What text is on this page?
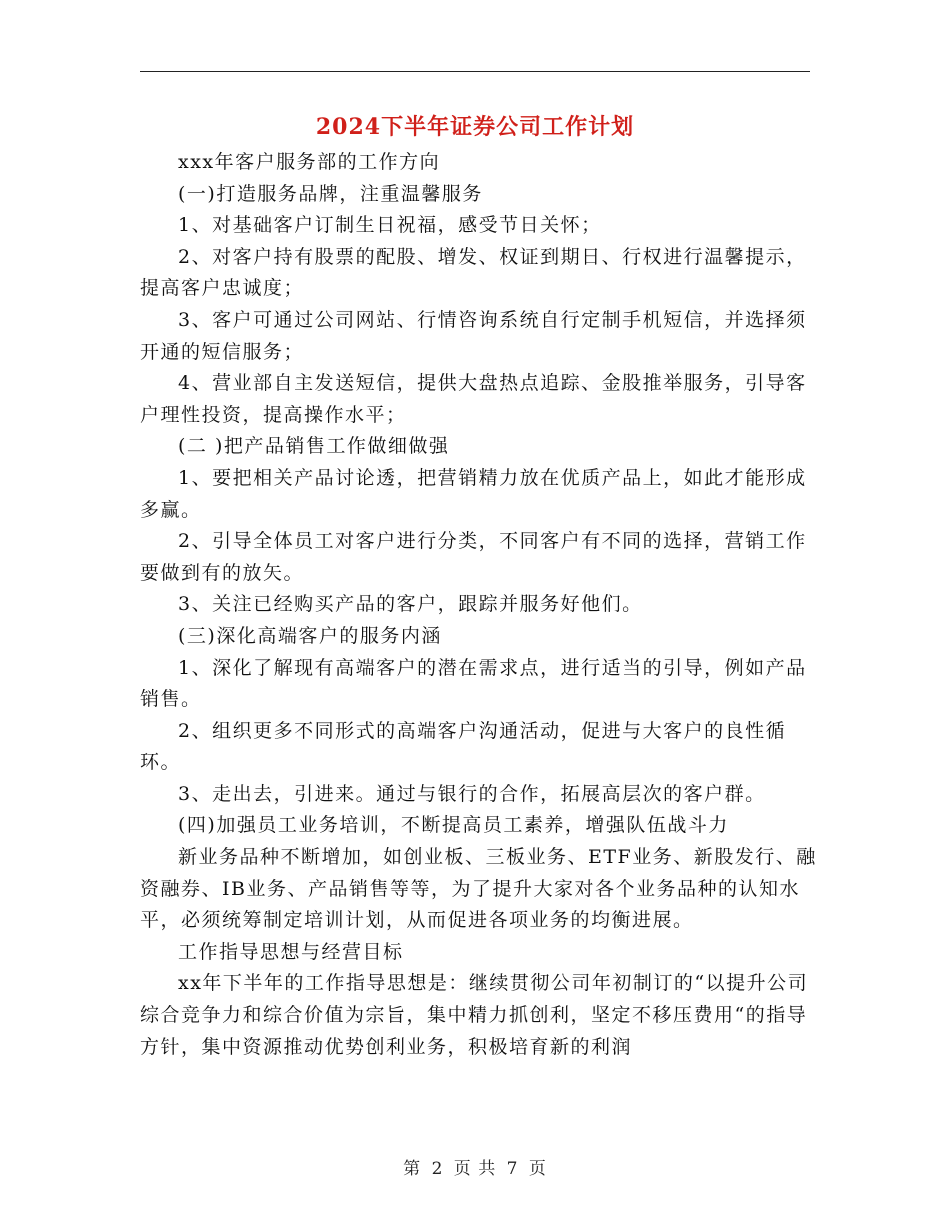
2024下半年证券公司工作计划

xxx年客户服务部的工作方向

(一)打造服务品牌，注重温馨服务

1、对基础客户订制生日祝福，感受节日关怀；

2、对客户持有股票的配股、增发、权证到期日、行权进行温馨提示，提高客户忠诚度；

3、客户可通过公司网站、行情咨询系统自行定制手机短信，并选择须开通的短信服务；

4、营业部自主发送短信，提供大盘热点追踪、金股推举服务，引导客户理性投资，提高操作水平；

(二 )把产品销售工作做细做强

1、要把相关产品讨论透，把营销精力放在优质产品上，如此才能形成多赢。

2、引导全体员工对客户进行分类，不同客户有不同的选择，营销工作要做到有的放矢。

3、关注已经购买产品的客户，跟踪并服务好他们。

(三)深化高端客户的服务内涵

1、深化了解现有高端客户的潜在需求点，进行适当的引导，例如产品销售。

2、组织更多不同形式的高端客户沟通活动，促进与大客户的良性循环。

3、走出去，引进来。通过与银行的合作，拓展高层次的客户群。

(四)加强员工业务培训，不断提高员工素养，增强队伍战斗力

新业务品种不断增加，如创业板、三板业务、ETF业务、新股发行、融资融券、IB业务、产品销售等等，为了提升大家对各个业务品种的认知水平，必须统筹制定培训计划，从而促进各项业务的均衡进展。

工作指导思想与经营目标

xx年下半年的工作指导思想是：继续贯彻公司年初制订的“以提升公司综合竞争力和综合价值为宗旨，集中精力抓创利，坚定不移压费用“的指导方针，集中资源推动优势创利业务，积极培育新的利润

第 2 页 共 7 页
